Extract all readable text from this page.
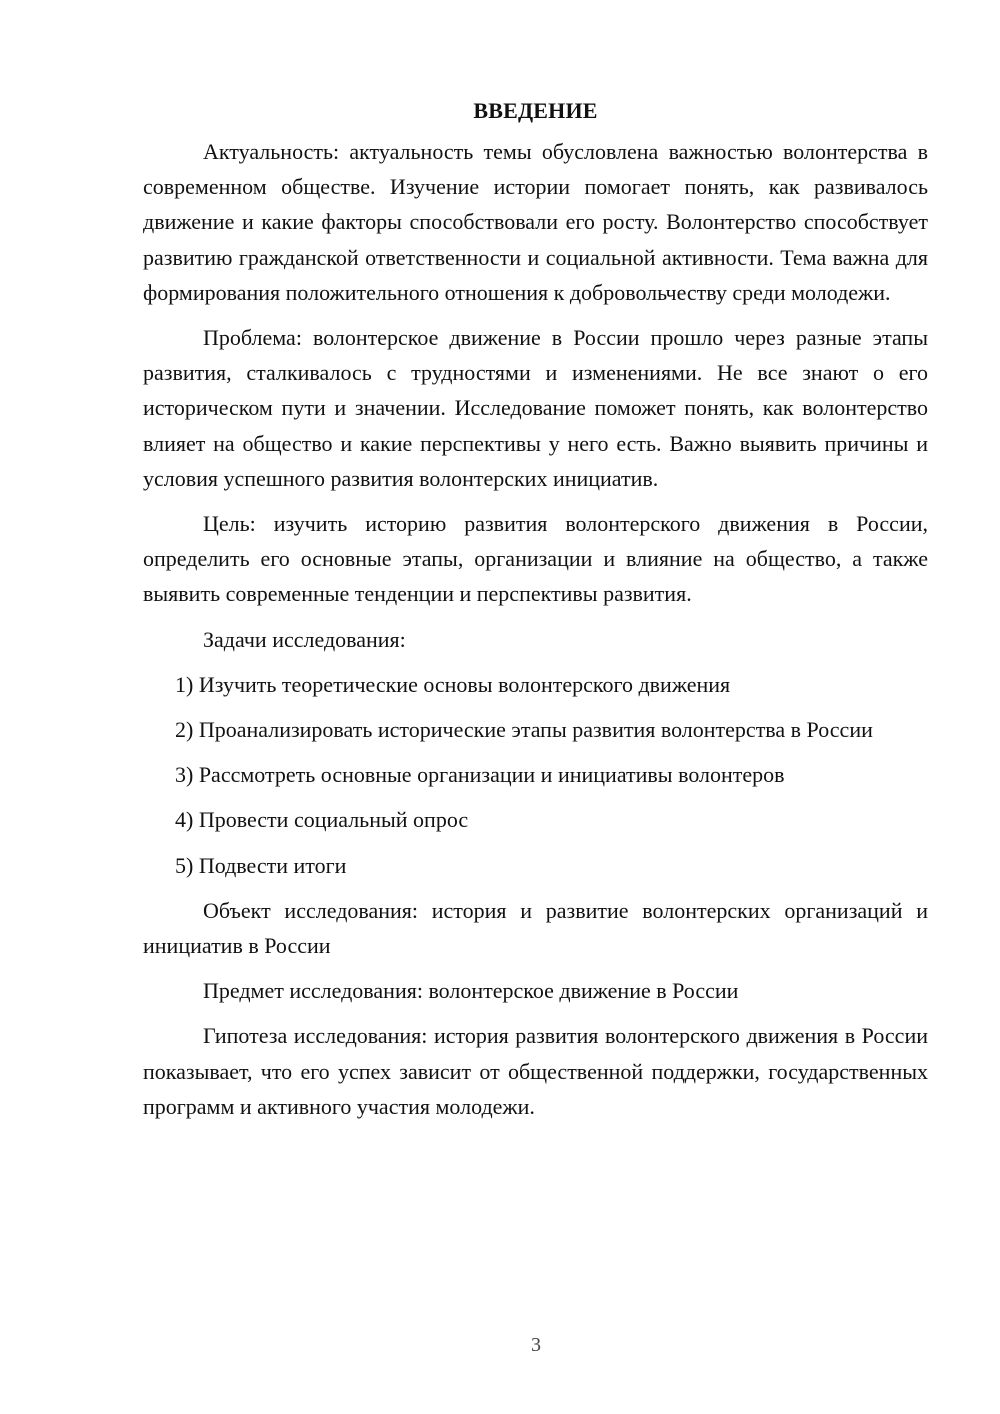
ВВЕДЕНИЕ

Актуальность: актуальность темы обусловлена важностью волонтерства в современном обществе. Изучение истории помогает понять, как развивалось движение и какие факторы способствовали его росту. Волонтерство способствует развитию гражданской ответственности и социальной активности. Тема важна для формирования положительного отношения к добровольчеству среди молодежи.

Проблема: волонтерское движение в России прошло через разные этапы развития, сталкивалось с трудностями и изменениями. Не все знают о его историческом пути и значении. Исследование поможет понять, как волонтерство влияет на общество и какие перспективы у него есть. Важно выявить причины и условия успешного развития волонтерских инициатив.

Цель: изучить историю развития волонтерского движения в России, определить его основные этапы, организации и влияние на общество, а также выявить современные тенденции и перспективы развития.

Задачи исследования:

1) Изучить теоретические основы волонтерского движения

2) Проанализировать исторические этапы развития волонтерства в России

3) Рассмотреть основные организации и инициативы волонтеров

4) Провести социальный опрос

5) Подвести итоги

Объект исследования: история и развитие волонтерских организаций и инициатив в России

Предмет исследования: волонтерское движение в России

Гипотеза исследования: история развития волонтерского движения в России показывает, что его успех зависит от общественной поддержки, государственных программ и активного участия молодежи.

3
